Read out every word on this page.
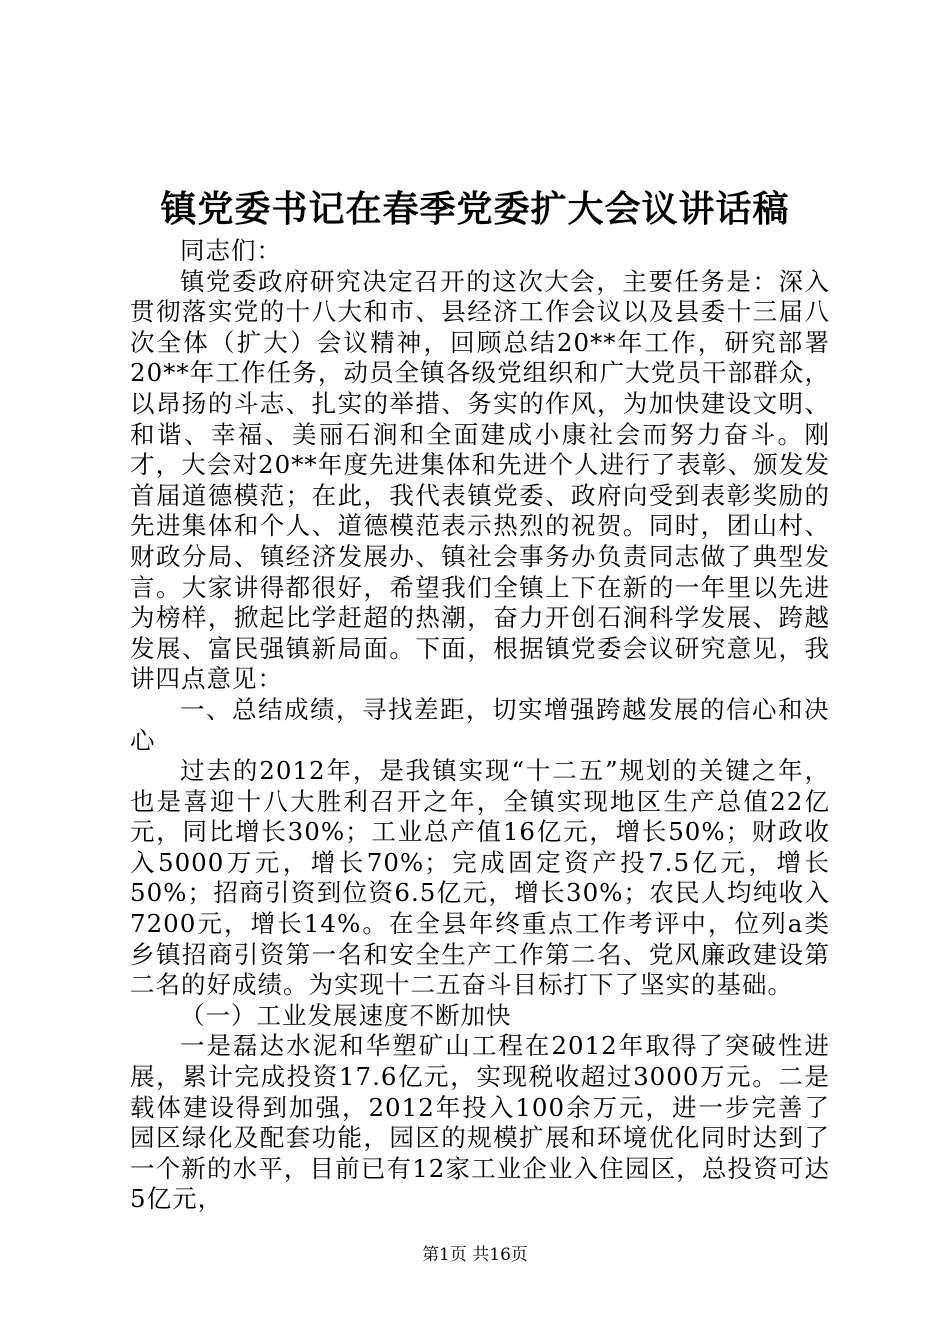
镇党委书记在春季党委扩大会议讲话稿

同志们：

镇党委政府研究决定召开的这次大会，主要任务是：深入贯彻落实党的十八大和市、县经济工作会议以及县委十三届八次全体（扩大）会议精神，回顾总结20**年工作，研究部署20**年工作任务，动员全镇各级党组织和广大党员干部群众，以昂扬的斗志、扎实的举措、务实的作风，为加快建设文明、和谐、幸福、美丽石涧和全面建成小康社会而努力奋斗。刚才，大会对20**年度先进集体和先进个人进行了表彰、颁发发首届道德模范；在此，我代表镇党委、政府向受到表彰奖励的先进集体和个人、道德模范表示热烈的祝贺。同时，团山村、财政分局、镇经济发展办、镇社会事务办负责同志做了典型发言。大家讲得都很好，希望我们全镇上下在新的一年里以先进为榜样，掀起比学赶超的热潮，奋力开创石涧科学发展、跨越发展、富民强镇新局面。下面，根据镇党委会议研究意见，我讲四点意见：

一、总结成绩，寻找差距，切实增强跨越发展的信心和决心

过去的2012年，是我镇实现“十二五”规划的关键之年，也是喜迎十八大胜利召开之年，全镇实现地区生产总值22亿元，同比增长30%；工业总产值16亿元，增长50%；财政收入5000万元，增长70%；完成固定资产投7.5亿元，增长50%；招商引资到位资6.5亿元，增长30%；农民人均纯收入7200元，增长14%。在全县年终重点工作考评中，位列a类乡镇招商引资第一名和安全生产工作第二名、党风廉政建设第二名的好成绩。为实现十二五奋斗目标打下了坚实的基础。

（一）工业发展速度不断加快

一是磊达水泥和华塑矿山工程在2012年取得了突破性进展，累计完成投资17.6亿元，实现税收超过3000万元。二是载体建设得到加强，2012年投入100余万元，进一步完善了园区绿化及配套功能，园区的规模扩展和环境优化同时达到了一个新的水平，目前已有12家工业企业入住园区，总投资可达5亿元，

第1页 共16页
